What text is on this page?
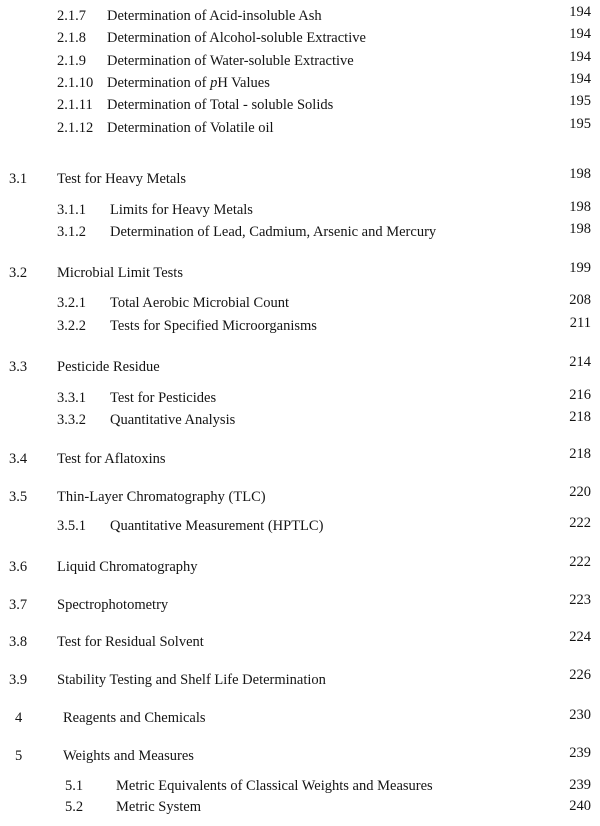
2.1.7 Determination of Acid-insoluble Ash	194
2.1.8 Determination of Alcohol-soluble Extractive	194
2.1.9 Determination of Water-soluble Extractive	194
2.1.10 Determination of pH Values	194
2.1.11 Determination of Total - soluble Solids	195
2.1.12 Determination of Volatile oil	195
3.1 Test for Heavy Metals	198
3.1.1 Limits for Heavy Metals	198
3.1.2 Determination of Lead, Cadmium, Arsenic and Mercury	198
3.2 Microbial Limit Tests	199
3.2.1 Total Aerobic Microbial Count	208
3.2.2 Tests for Specified Microorganisms	211
3.3 Pesticide Residue	214
3.3.1 Test for Pesticides	216
3.3.2 Quantitative Analysis	218
3.4 Test for Aflatoxins	218
3.5 Thin-Layer Chromatography (TLC)	220
3.5.1 Quantitative Measurement (HPTLC)	222
3.6 Liquid Chromatography	222
3.7 Spectrophotometry	223
3.8 Test for Residual Solvent	224
3.9 Stability Testing and Shelf Life Determination	226
4	Reagents and Chemicals	230
5	Weights and Measures	239
5.1 Metric Equivalents of Classical Weights and Measures	239
5.2 Metric System	240
